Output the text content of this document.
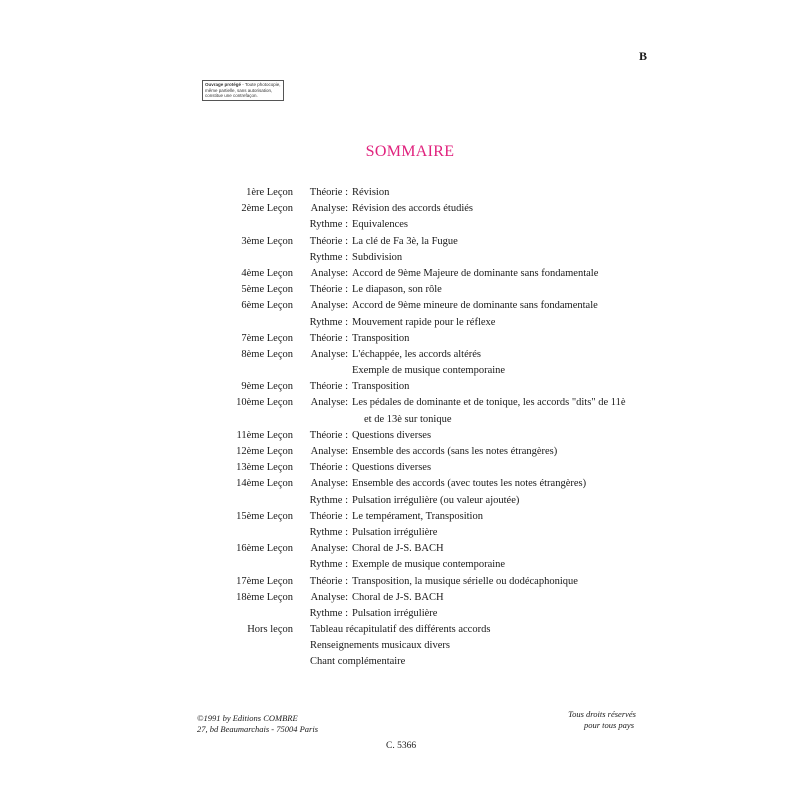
B
Ouvrage protégé - Toute photocopie, même partielle, sans autorisation, constitue une contrefaçon.
SOMMAIRE
1ère Leçon Théorie : Révision
2ème Leçon Analyse: Révision des accords étudiés
Rythme : Equivalences
3ème Leçon Théorie : La clé de Fa 3è, la Fugue
Rythme : Subdivision
4ème Leçon Analyse: Accord de 9ème Majeure de dominante sans fondamentale
5ème Leçon Théorie : Le diapason, son rôle
6ème Leçon Analyse: Accord de 9ème mineure de dominante sans fondamentale
Rythme : Mouvement rapide pour le réflexe
7ème Leçon Théorie : Transposition
8ème Leçon Analyse: L'échappée, les accords altérés
Exemple de musique contemporaine
9ème Leçon Théorie : Transposition
10ème Leçon Analyse: Les pédales de dominante et de tonique, les accords "dits" de 11è
et de 13è sur tonique
11ème Leçon Théorie : Questions diverses
12ème Leçon Analyse: Ensemble des accords (sans les notes étrangères)
13ème Leçon Théorie : Questions diverses
14ème Leçon Analyse: Ensemble des accords (avec toutes les notes étrangères)
Rythme : Pulsation irrégulière (ou valeur ajoutée)
15ème Leçon Théorie : Le tempérament, Transposition
Rythme : Pulsation irrégulière
16ème Leçon Analyse: Choral de J-S. BACH
Rythme : Exemple de musique contemporaine
17ème Leçon Théorie : Transposition, la musique sérielle ou dodécaphonique
18ème Leçon Analyse: Choral de J-S. BACH
Rythme : Pulsation irrégulière
Hors leçon Tableau récapitulatif des différents accords
Renseignements musicaux divers
Chant complémentaire
©1991 by Editions COMBRE
27, bd Beaumarchais - 75004 Paris
Tous droits réservés
pour tous pays
C. 5366
